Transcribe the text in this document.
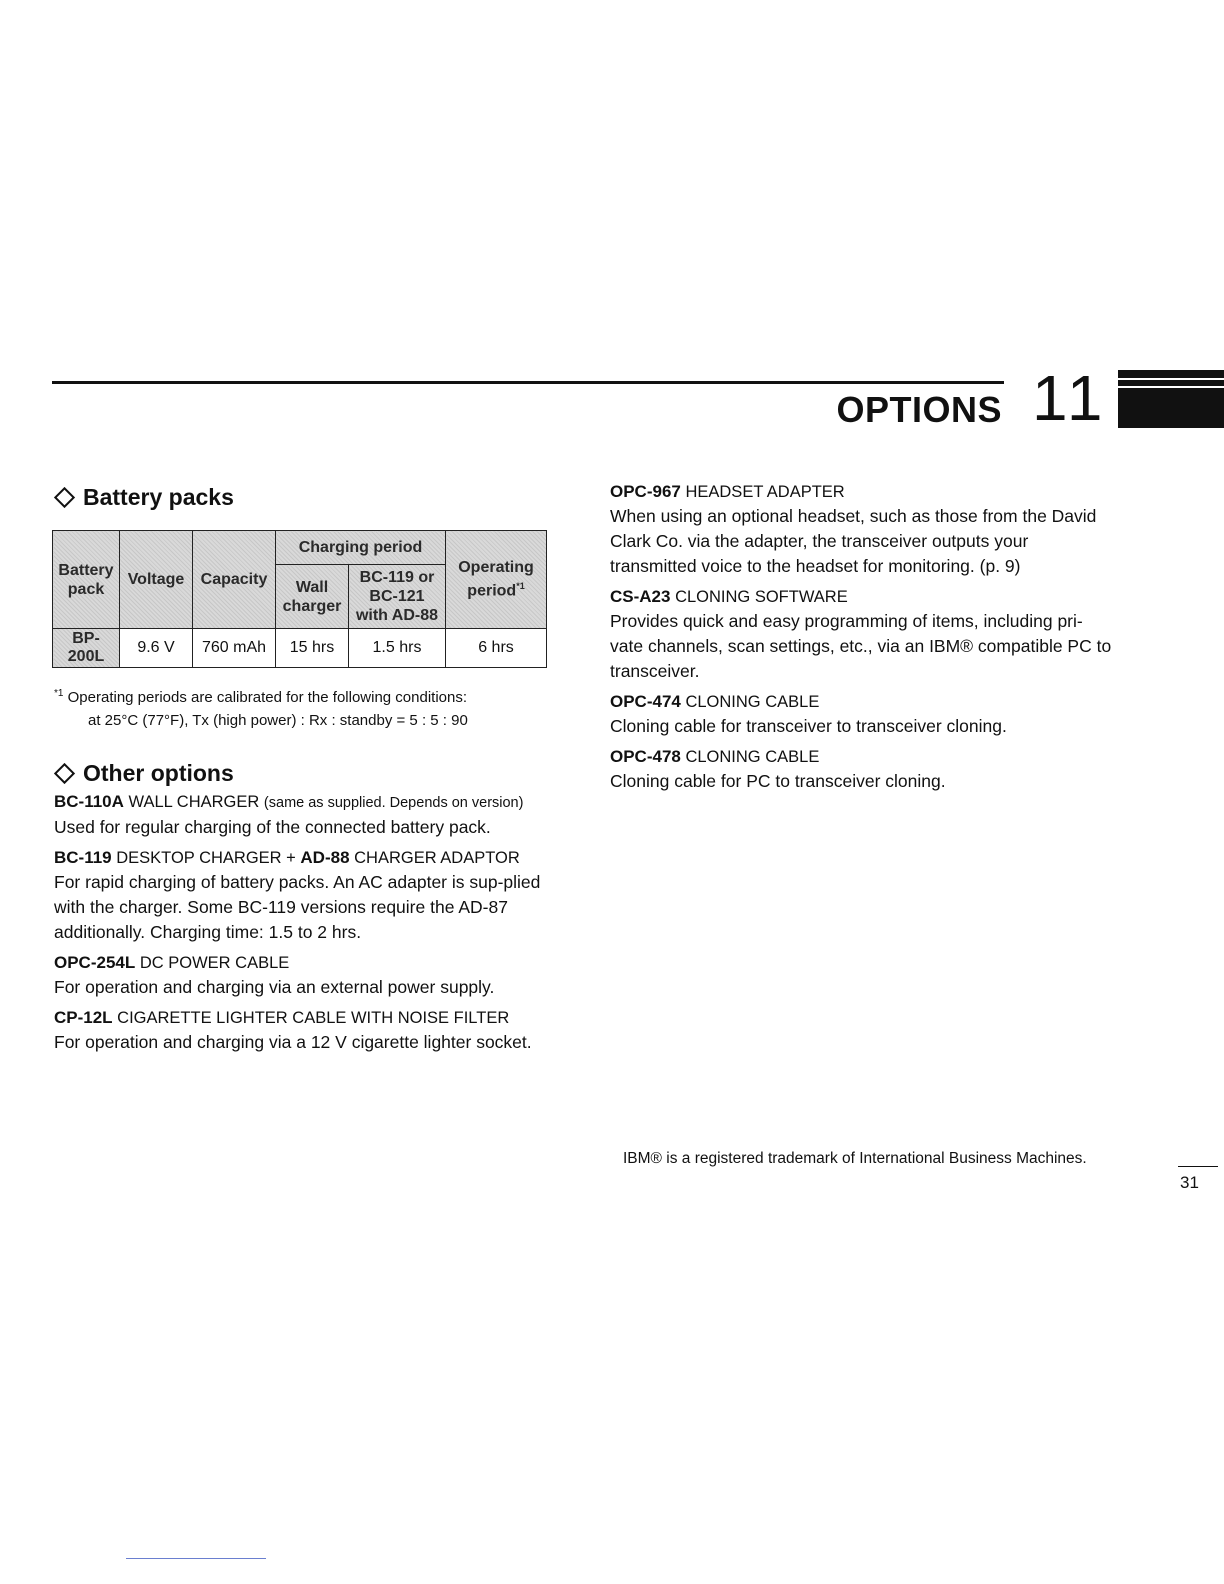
OPTIONS 11
Battery packs
Battery pack	Voltage	Capacity	Charging period		Operating period$^{*1}$
			Wall charger	BC-119 or
BC-121
with AD-88	
BP-200L	9.6 V	760 mAh	15 hrs	1.5 hrs	6 hrs
$^{*1}$ Operating periods are calibrated for the following conditions:
at 25°C (77°F), Tx (high power) : Rx : standby = 5 : 5 : 90
Other options
BC-110A WALL CHARGER (same as supplied. Depends on version)

Used for regular charging of the connected battery pack.

BC-119 DESKTOP CHARGER + AD-88 CHARGER ADAPTOR

For rapid charging of battery packs. An AC adapter is sup-plied with the charger. Some BC-119 versions require the AD-87 additionally. Charging time: 1.5 to 2 hrs.

OPC-254L DC POWER CABLE

For operation and charging via an external power supply.

CP-12L CIGARETTE LIGHTER CABLE WITH NOISE FILTER

For operation and charging via a 12 V cigarette lighter socket.

OPC-967 HEADSET ADAPTER

When using an optional headset, such as those from the David Clark Co. via the adapter, the transceiver outputs your transmitted voice to the headset for monitoring. (p. 9)

CS-A23 CLONING SOFTWARE

Provides quick and easy programming of items, including pri-vate channels, scan settings, etc., via an IBM® compatible PC to transceiver.

OPC-474 CLONING CABLE

Cloning cable for transceiver to transceiver cloning.

OPC-478 CLONING CABLE

Cloning cable for PC to transceiver cloning.

IBM® is a registered trademark of International Business Machines.
31
